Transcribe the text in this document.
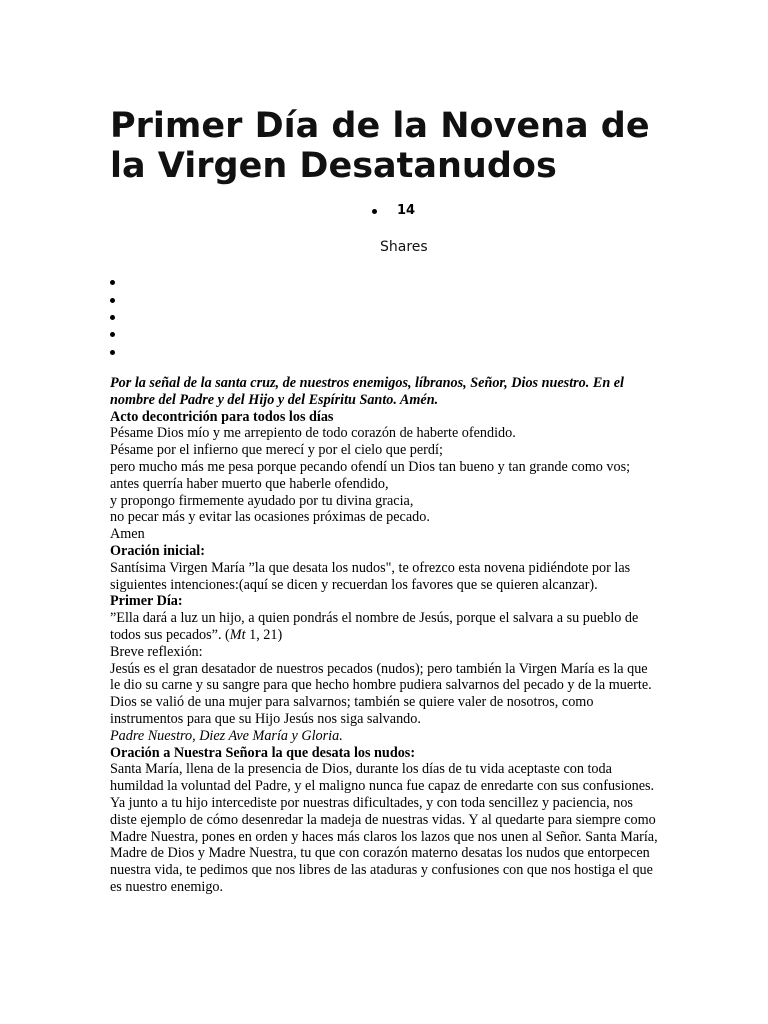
Primer Día de la Novena de la Virgen Desatanudos
14
Shares

Por la señal de la santa cruz, de nuestros enemigos, líbranos, Señor, Dios nuestro. En el nombre del Padre y del Hijo y del Espíritu Santo. Amén.

Acto decontrición para todos los días

Pésame Dios mío y me arrepiento de todo corazón de haberte ofendido.

Pésame por el infierno que merecí y por el cielo que perdí;

pero mucho más me pesa porque pecando ofendí un Dios tan bueno y tan grande como vos;

antes querría haber muerto que haberle ofendido,

y propongo firmemente ayudado por tu divina gracia,

no pecar más y evitar las ocasiones próximas de pecado.

Amen

Oración inicial:

Santísima Virgen María ”la que desata los nudos", te ofrezco esta novena pidiéndote por las siguientes intenciones:(aquí se dicen y recuerdan los favores que se quieren alcanzar).

Primer Día:

”Ella dará a luz un hijo, a quien pondrás el nombre de Jesús, porque el salvara a su pueblo de todos sus pecados”. (Mt 1, 21)

Breve reflexión:

Jesús es el gran desatador de nuestros pecados (nudos); pero también la Virgen María es la que le dio su carne y su sangre para que hecho hombre pudiera salvarnos del pecado y de la muerte. Dios se valió de una mujer para salvarnos; también se quiere valer de nosotros, como instrumentos para que su Hijo Jesús nos siga salvando.

Padre Nuestro, Diez Ave María y Gloria.

Oración a Nuestra Señora la que desata los nudos:

Santa María, llena de la presencia de Dios, durante los días de tu vida aceptaste con toda humildad la voluntad del Padre, y el maligno nunca fue capaz de enredarte con sus confusiones. Ya junto a tu hijo intercediste por nuestras dificultades, y con toda sencillez y paciencia, nos diste ejemplo de cómo desenredar la madeja de nuestras vidas. Y al quedarte para siempre como Madre Nuestra, pones en orden y haces más claros los lazos que nos unen al Señor. Santa María, Madre de Dios y Madre Nuestra, tu que con corazón materno desatas los nudos que entorpecen nuestra vida, te pedimos que nos libres de las ataduras y confusiones con que nos hostiga el que es nuestro enemigo.
